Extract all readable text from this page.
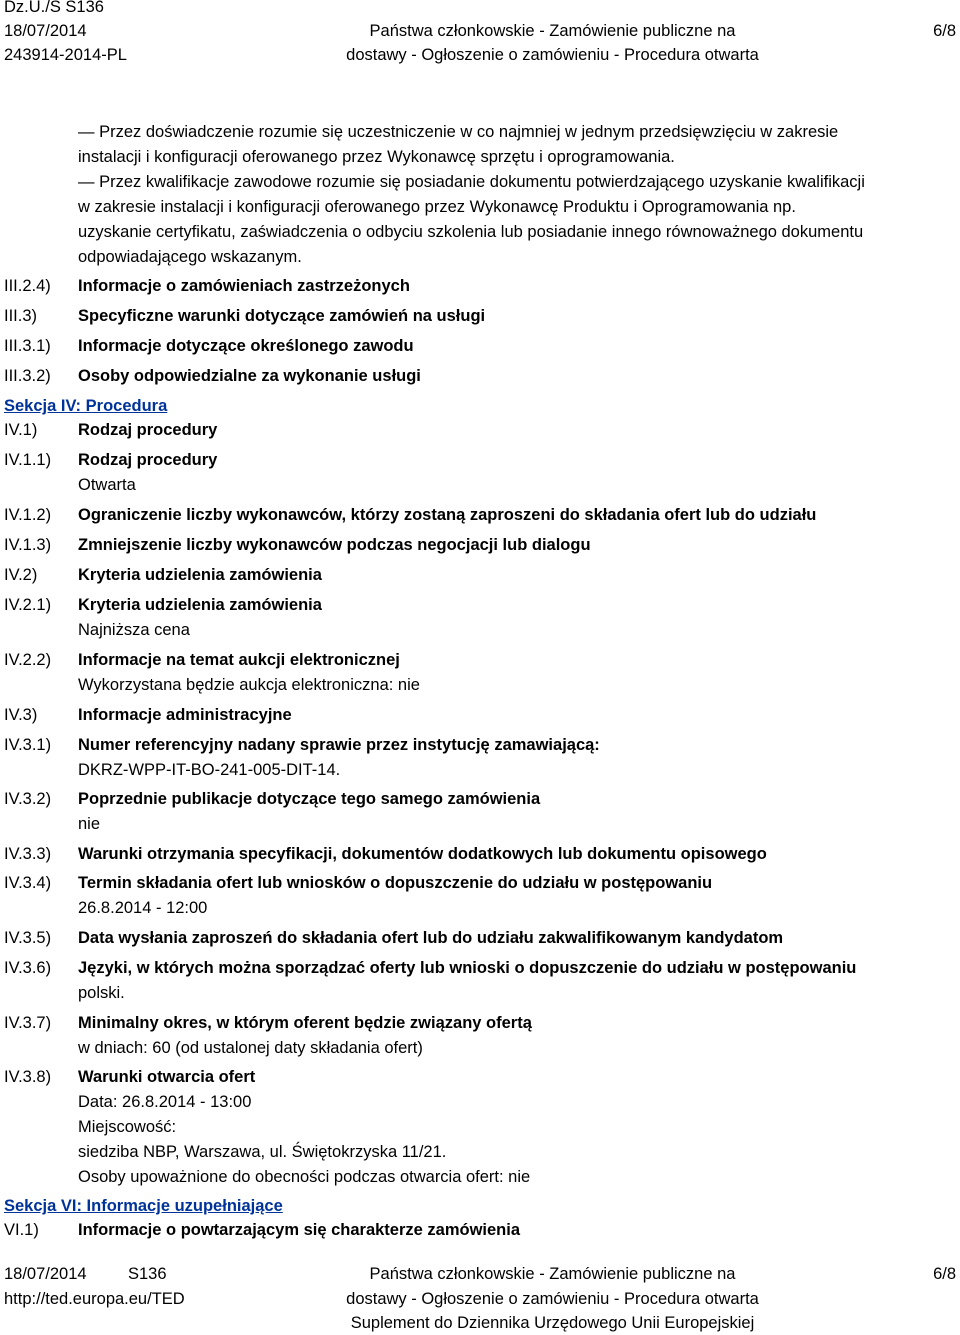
Dz.U./S S136
18/07/2014
243914-2014-PL
Państwa członkowskie - Zamówienie publiczne na
dostawy - Ogłoszenie o zamówieniu - Procedura otwarta
6/8
— Przez doświadczenie rozumie się uczestniczenie w co najmniej w jednym przedsięwzięciu w zakresie
instalacji i konfiguracji oferowanego przez Wykonawcę sprzętu i oprogramowania.
— Przez kwalifikacje zawodowe rozumie się posiadanie dokumentu potwierdzającego uzyskanie kwalifikacji
w zakresie instalacji i konfiguracji oferowanego przez Wykonawcę Produktu i Oprogramowania np.
uzyskanie certyfikatu, zaświadczenia o odbyciu szkolenia lub posiadanie innego równoważnego dokumentu
odpowiadającego wskazanym.
III.2.4) Informacje o zamówieniach zastrzeżonych
III.3) Specyficzne warunki dotyczące zamówień na usługi
III.3.1) Informacje dotyczące określonego zawodu
III.3.2) Osoby odpowiedzialne za wykonanie usługi
Sekcja IV: Procedura
IV.1) Rodzaj procedury
IV.1.1) Rodzaj procedury
Otwarta
IV.1.2) Ograniczenie liczby wykonawców, którzy zostaną zaproszeni do składania ofert lub do udziału
IV.1.3) Zmniejszenie liczby wykonawców podczas negocjacji lub dialogu
IV.2) Kryteria udzielenia zamówienia
IV.2.1) Kryteria udzielenia zamówienia
Najniższa cena
IV.2.2) Informacje na temat aukcji elektronicznej
Wykorzystana będzie aukcja elektroniczna: nie
IV.3) Informacje administracyjne
IV.3.1) Numer referencyjny nadany sprawie przez instytucję zamawiającą:
DKRZ-WPP-IT-BO-241-005-DIT-14.
IV.3.2) Poprzednie publikacje dotyczące tego samego zamówienia
nie
IV.3.3) Warunki otrzymania specyfikacji, dokumentów dodatkowych lub dokumentu opisowego
IV.3.4) Termin składania ofert lub wniosków o dopuszczenie do udziału w postępowaniu
26.8.2014 - 12:00
IV.3.5) Data wysłania zaproszeń do składania ofert lub do udziału zakwalifikowanym kandydatom
IV.3.6) Języki, w których można sporządzać oferty lub wnioski o dopuszczenie do udziału w postępowaniu
polski.
IV.3.7) Minimalny okres, w którym oferent będzie związany ofertą
w dniach: 60 (od ustalonej daty składania ofert)
IV.3.8) Warunki otwarcia ofert
Data: 26.8.2014 - 13:00
Miejscowość:
siedziba NBP, Warszawa, ul. Świętokrzyska 11/21.
Osoby upoważnione do obecności podczas otwarcia ofert: nie
Sekcja VI: Informacje uzupełniające
VI.1) Informacje o powtarzającym się charakterze zamówienia
18/07/2014	S136
http://ted.europa.eu/TED
Państwa członkowskie - Zamówienie publiczne na
dostawy - Ogłoszenie o zamówieniu - Procedura otwarta
Suplement do Dziennika Urzędowego Unii Europejskiej
6/8
